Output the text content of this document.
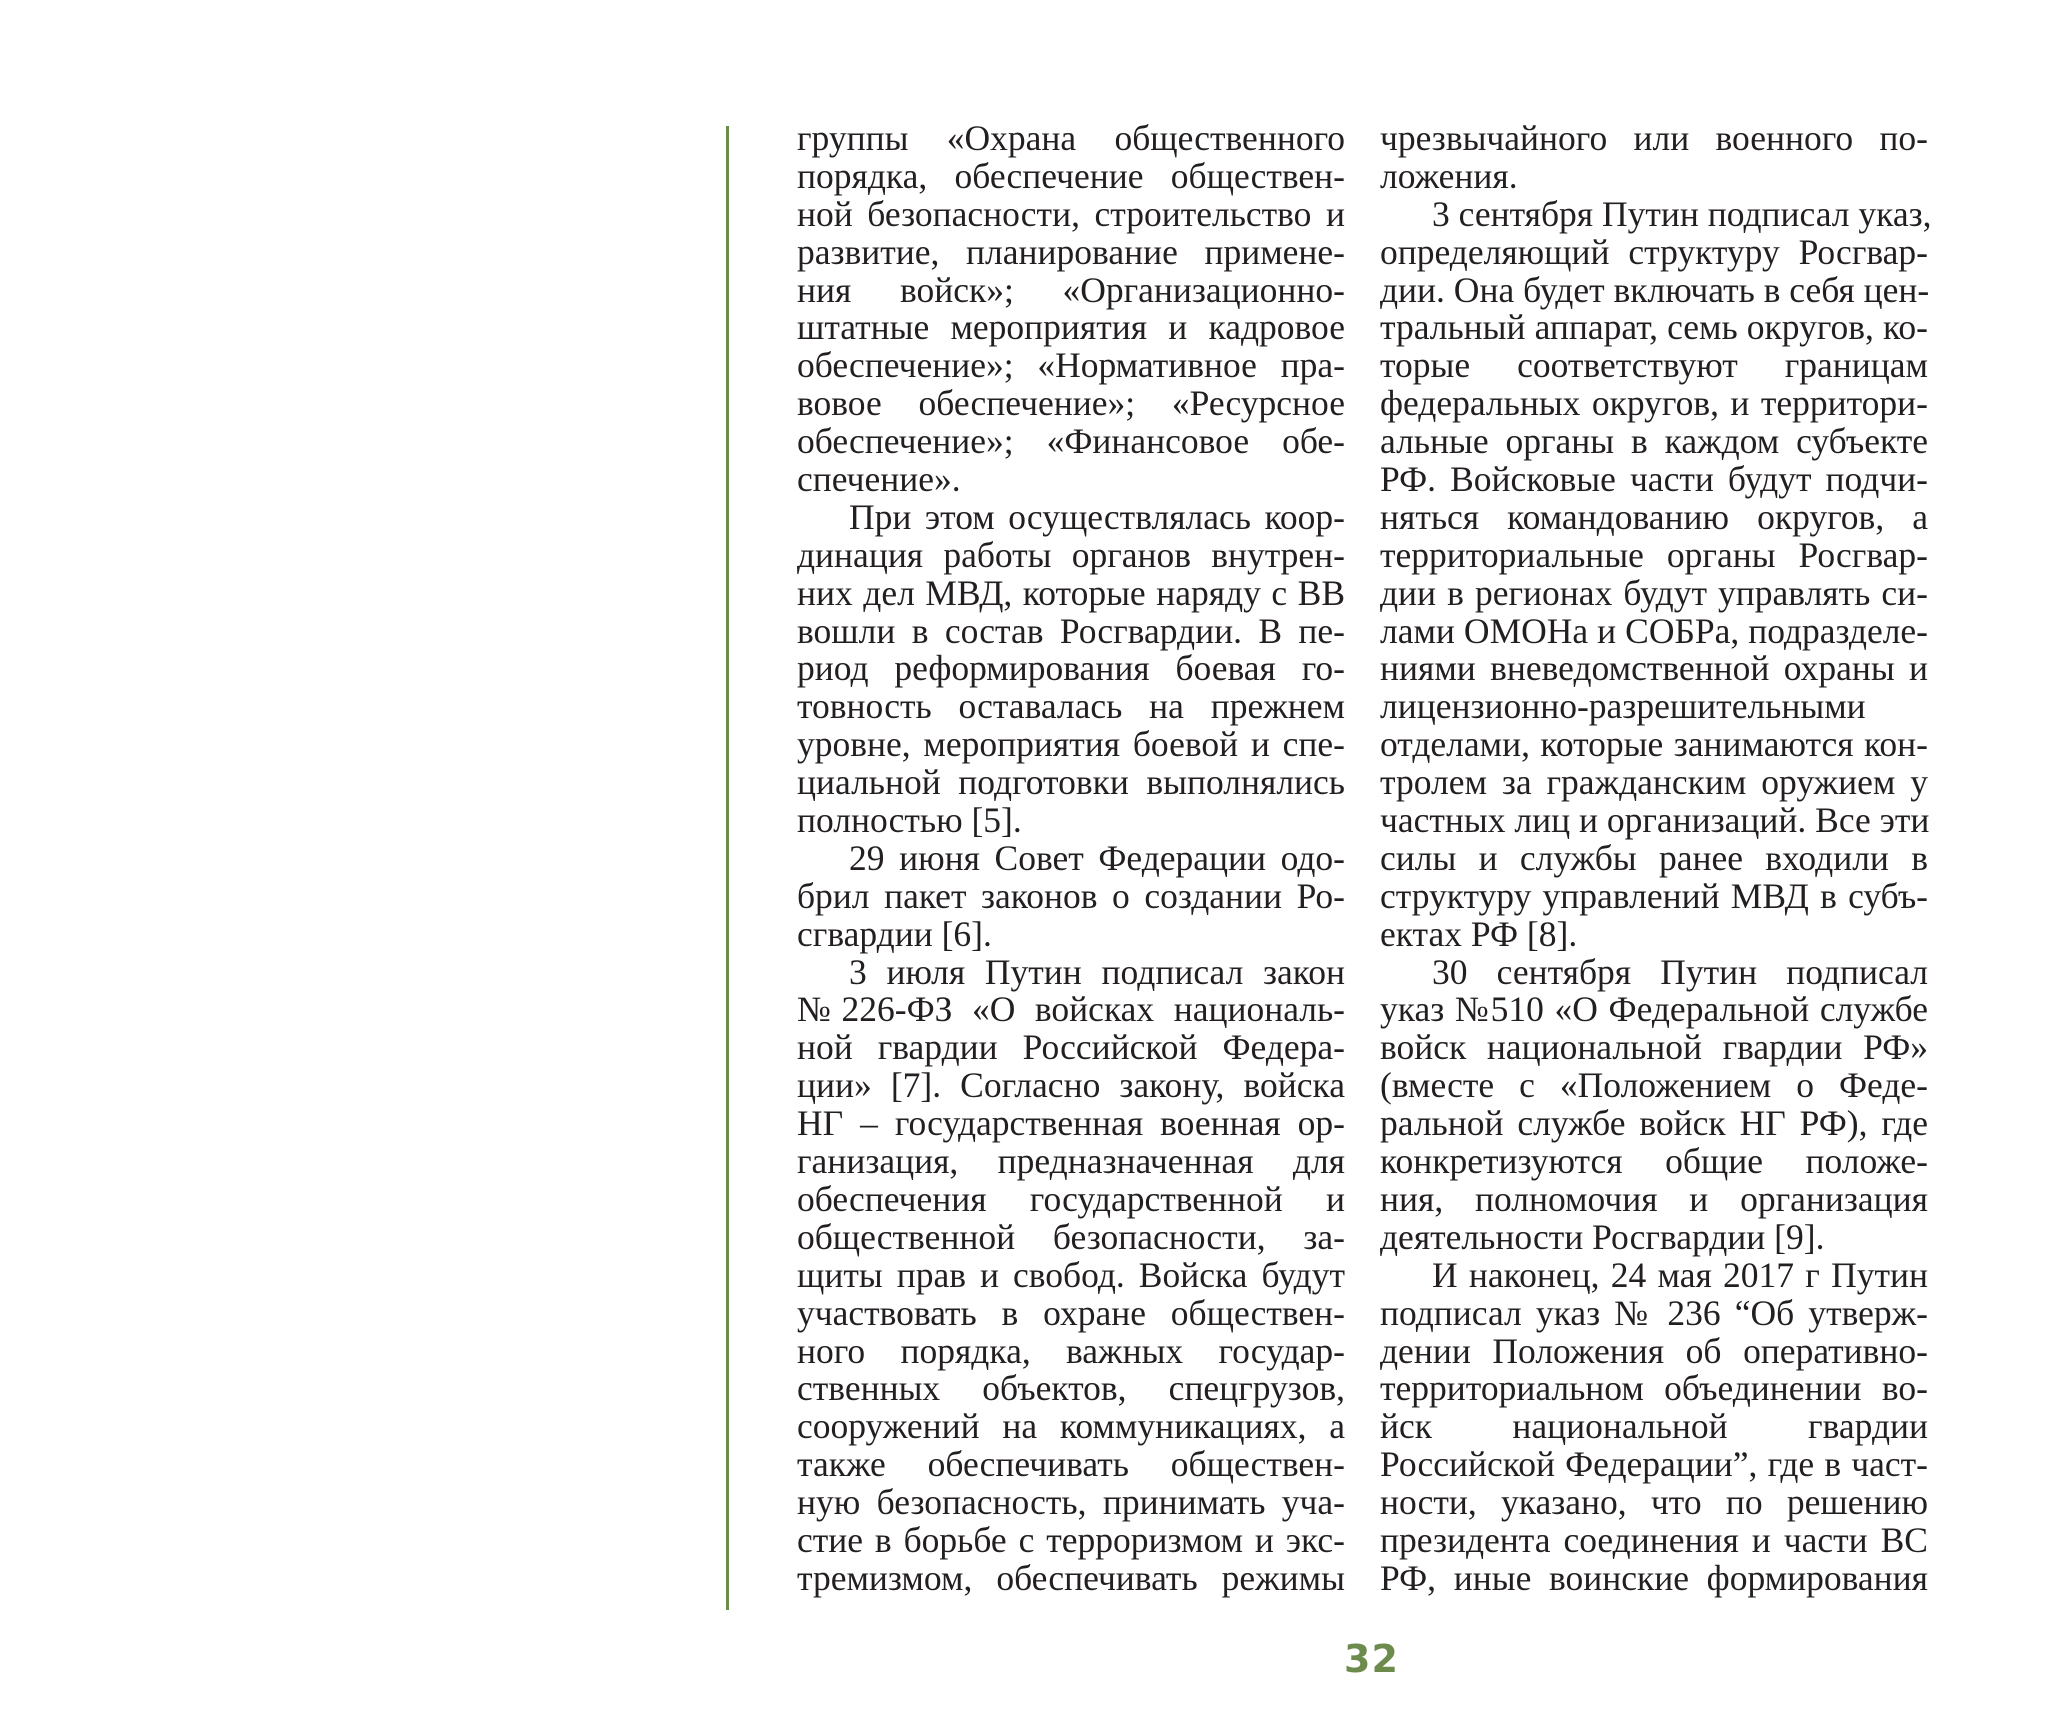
группы «Охрана общественного
порядка, обеспечение обществен-
ной безопасности, строительство и
развитие, планирование примене-
ния войск»; «Организационно-
штатные мероприятия и кадровое
обеспечение»; «Нормативное пра-
вовое обеспечение»; «Ресурсное
обеспечение»; «Финансовое обе-
спечение».
При этом осуществлялась коор-
динация работы органов внутрен-
них дел МВД, которые наряду с ВВ
вошли в состав Росгвардии. В пе-
риод реформирования боевая го-
товность оставалась на прежнем
уровне, мероприятия боевой и спе-
циальной подготовки выполнялись
полностью [5].
29 июня Совет Федерации одо-
брил пакет законов о создании Ро-
сгвардии [6].
3 июля Путин подписал закон
№226-ФЗ «О войсках националь-
ной гвардии Российской Федера-
ции» [7]. Согласно закону, войска
НГ – государственная военная ор-
ганизация, предназначенная для
обеспечения государственной и
общественной безопасности, за-
щиты прав и свобод. Войска будут
участвовать в охране обществен-
ного порядка, важных государ-
ственных объектов, спецгрузов,
сооружений на коммуникациях, а
также обеспечивать обществен-
ную безопасность, принимать уча-
стие в борьбе с терроризмом и экс-
тремизмом, обеспечивать режимы
чрезвычайного или военного по-
ложения.
3 сентября Путин подписал указ,
определяющий структуру Росгвар-
дии. Она будет включать в себя цен-
тральный аппарат, семь округов, ко-
торые соответствуют границам
федеральных округов, и территори-
альные органы в каждом субъекте
РФ. Войсковые части будут подчи-
няться командованию округов, а
территориальные органы Росгвар-
дии в регионах будут управлять си-
лами ОМОНа и СОБРа, подразделе-
ниями вневедомственной охраны и
лицензионно-разрешительными
отделами, которые занимаются кон-
тролем за гражданским оружием у
частных лиц и организаций. Все эти
силы и службы ранее входили в
структуру управлений МВД в субъ-
ектах РФ [8].
30 сентября Путин подписал
указ №510 «О Федеральной службе
войск национальной гвардии РФ»
(вместе с «Положением о Феде-
ральной службе войск НГ РФ), где
конкретизуются общие положе-
ния, полномочия и организация
деятельности Росгвардии [9].
И наконец, 24 мая 2017 г Путин
подписал указ № 236 “Об утверж-
дении Положения об оперативно-
территориальном объединении во-
йск национальной гвардии
Российской Федерации”, где в част-
ности, указано, что по решению
президента соединения и части ВС
РФ, иные воинские формирования
32
